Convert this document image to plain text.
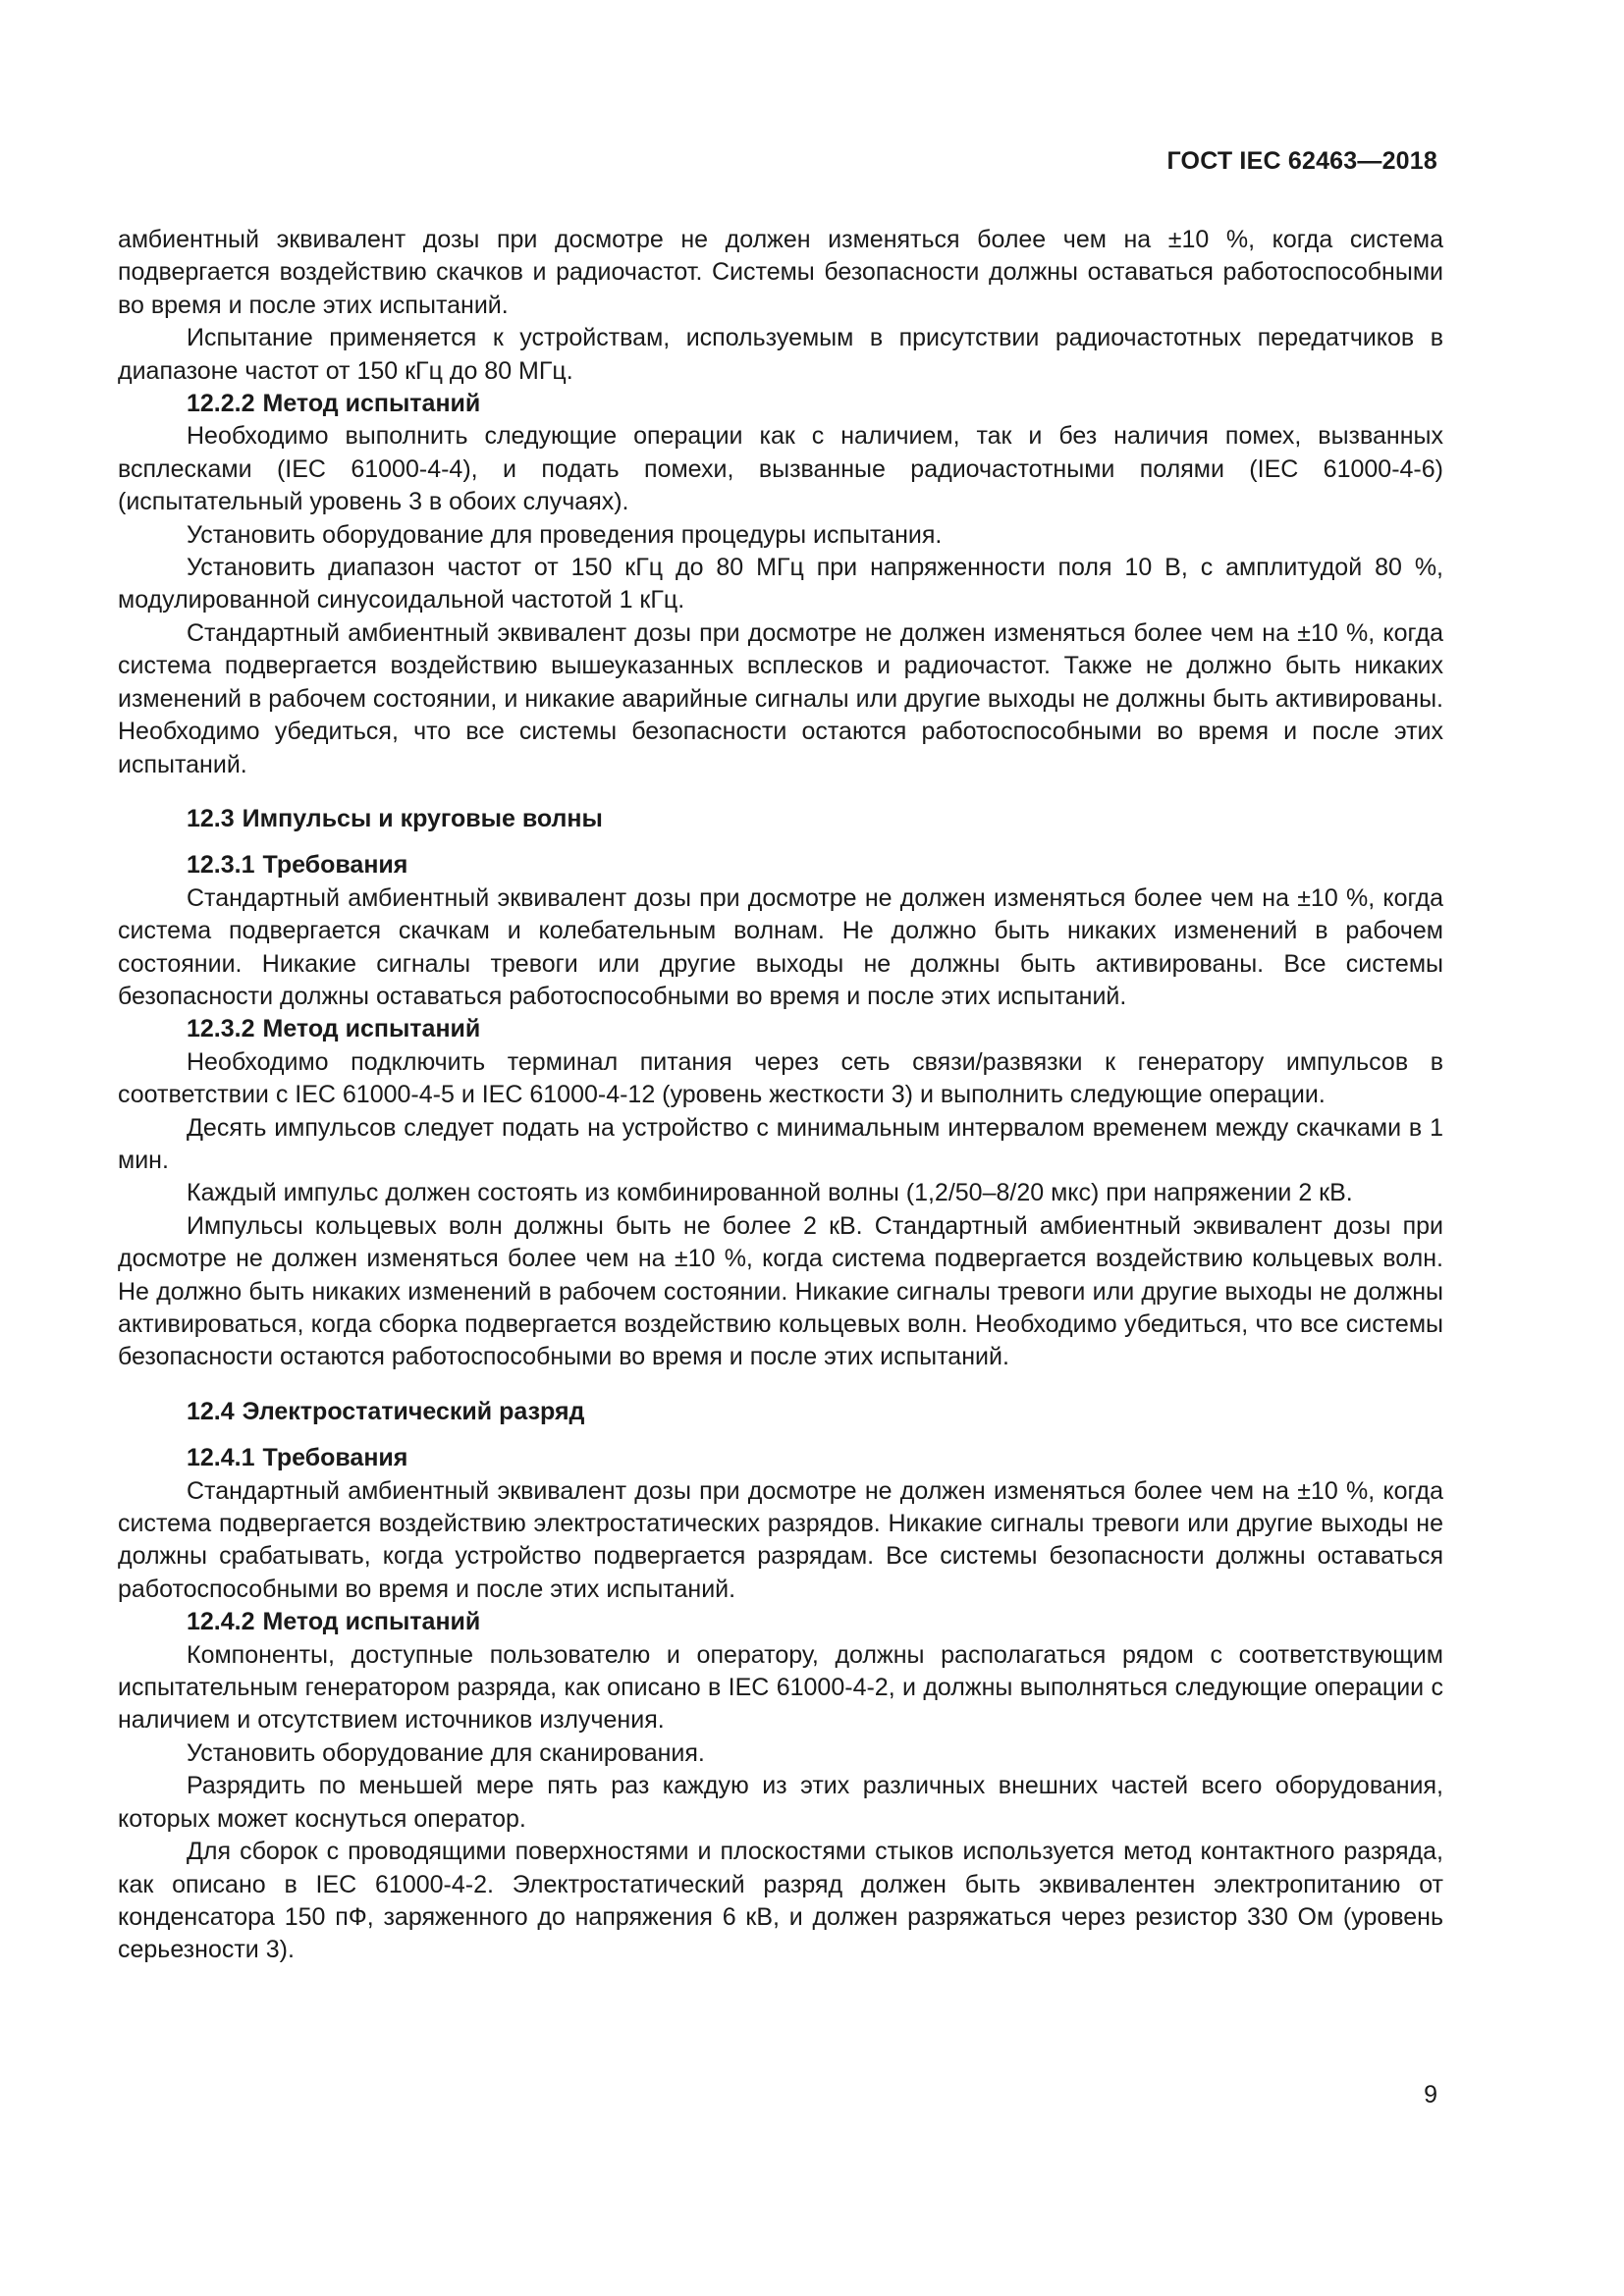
ГОСТ IEC 62463—2018

амбиентный эквивалент дозы при досмотре не должен изменяться более чем на ±10 %, когда система подвергается воздействию скачков и радиочастот. Системы безопасности должны оставаться работоспособными во время и после этих испытаний.

Испытание применяется к устройствам, используемым в присутствии радиочастотных передатчиков в диапазоне частот от 150 кГц до 80 МГц.

12.2.2 Метод испытаний

Необходимо выполнить следующие операции как с наличием, так и без наличия помех, вызванных всплесками (IEC 61000-4-4), и подать помехи, вызванные радиочастотными полями (IEC 61000-4-6) (испытательный уровень 3 в обоих случаях).

Установить оборудование для проведения процедуры испытания.

Установить диапазон частот от 150 кГц до 80 МГц при напряженности поля 10 В, с амплитудой 80 %, модулированной синусоидальной частотой 1 кГц.

Стандартный амбиентный эквивалент дозы при досмотре не должен изменяться более чем на ±10 %, когда система подвергается воздействию вышеуказанных всплесков и радиочастот. Также не должно быть никаких изменений в рабочем состоянии, и никакие аварийные сигналы или другие выходы не должны быть активированы. Необходимо убедиться, что все системы безопасности остаются работоспособными во время и после этих испытаний.

12.3 Импульсы и круговые волны
12.3.1 Требования

Стандартный амбиентный эквивалент дозы при досмотре не должен изменяться более чем на ±10 %, когда система подвергается скачкам и колебательным волнам. Не должно быть никаких изменений в рабочем состоянии. Никакие сигналы тревоги или другие выходы не должны быть активированы. Все системы безопасности должны оставаться работоспособными во время и после этих испытаний.

12.3.2 Метод испытаний

Необходимо подключить терминал питания через сеть связи/развязки к генератору импульсов в соответствии с IEC 61000-4-5 и IEC 61000-4-12 (уровень жесткости 3) и выполнить следующие операции.

Десять импульсов следует подать на устройство с минимальным интервалом временем между скачками в 1 мин.

Каждый импульс должен состоять из комбинированной волны (1,2/50–8/20 мкс) при напряжении 2 кВ.

Импульсы кольцевых волн должны быть не более 2 кВ. Стандартный амбиентный эквивалент дозы при досмотре не должен изменяться более чем на ±10 %, когда система подвергается воздействию кольцевых волн. Не должно быть никаких изменений в рабочем состоянии. Никакие сигналы тревоги или другие выходы не должны активироваться, когда сборка подвергается воздействию кольцевых волн. Необходимо убедиться, что все системы безопасности остаются работоспособными во время и после этих испытаний.

12.4 Электростатический разряд
12.4.1 Требования

Стандартный амбиентный эквивалент дозы при досмотре не должен изменяться более чем на ±10 %, когда система подвергается воздействию электростатических разрядов. Никакие сигналы тревоги или другие выходы не должны срабатывать, когда устройство подвергается разрядам. Все системы безопасности должны оставаться работоспособными во время и после этих испытаний.

12.4.2 Метод испытаний

Компоненты, доступные пользователю и оператору, должны располагаться рядом с соответствующим испытательным генератором разряда, как описано в IEC 61000-4-2, и должны выполняться следующие операции с наличием и отсутствием источников излучения.

Установить оборудование для сканирования.

Разрядить по меньшей мере пять раз каждую из этих различных внешних частей всего оборудования, которых может коснуться оператор.

Для сборок с проводящими поверхностями и плоскостями стыков используется метод контактного разряда, как описано в IEC 61000-4-2. Электростатический разряд должен быть эквивалентен электропитанию от конденсатора 150 пФ, заряженного до напряжения 6 кВ, и должен разряжаться через резистор 330 Ом (уровень серьезности 3).

9
